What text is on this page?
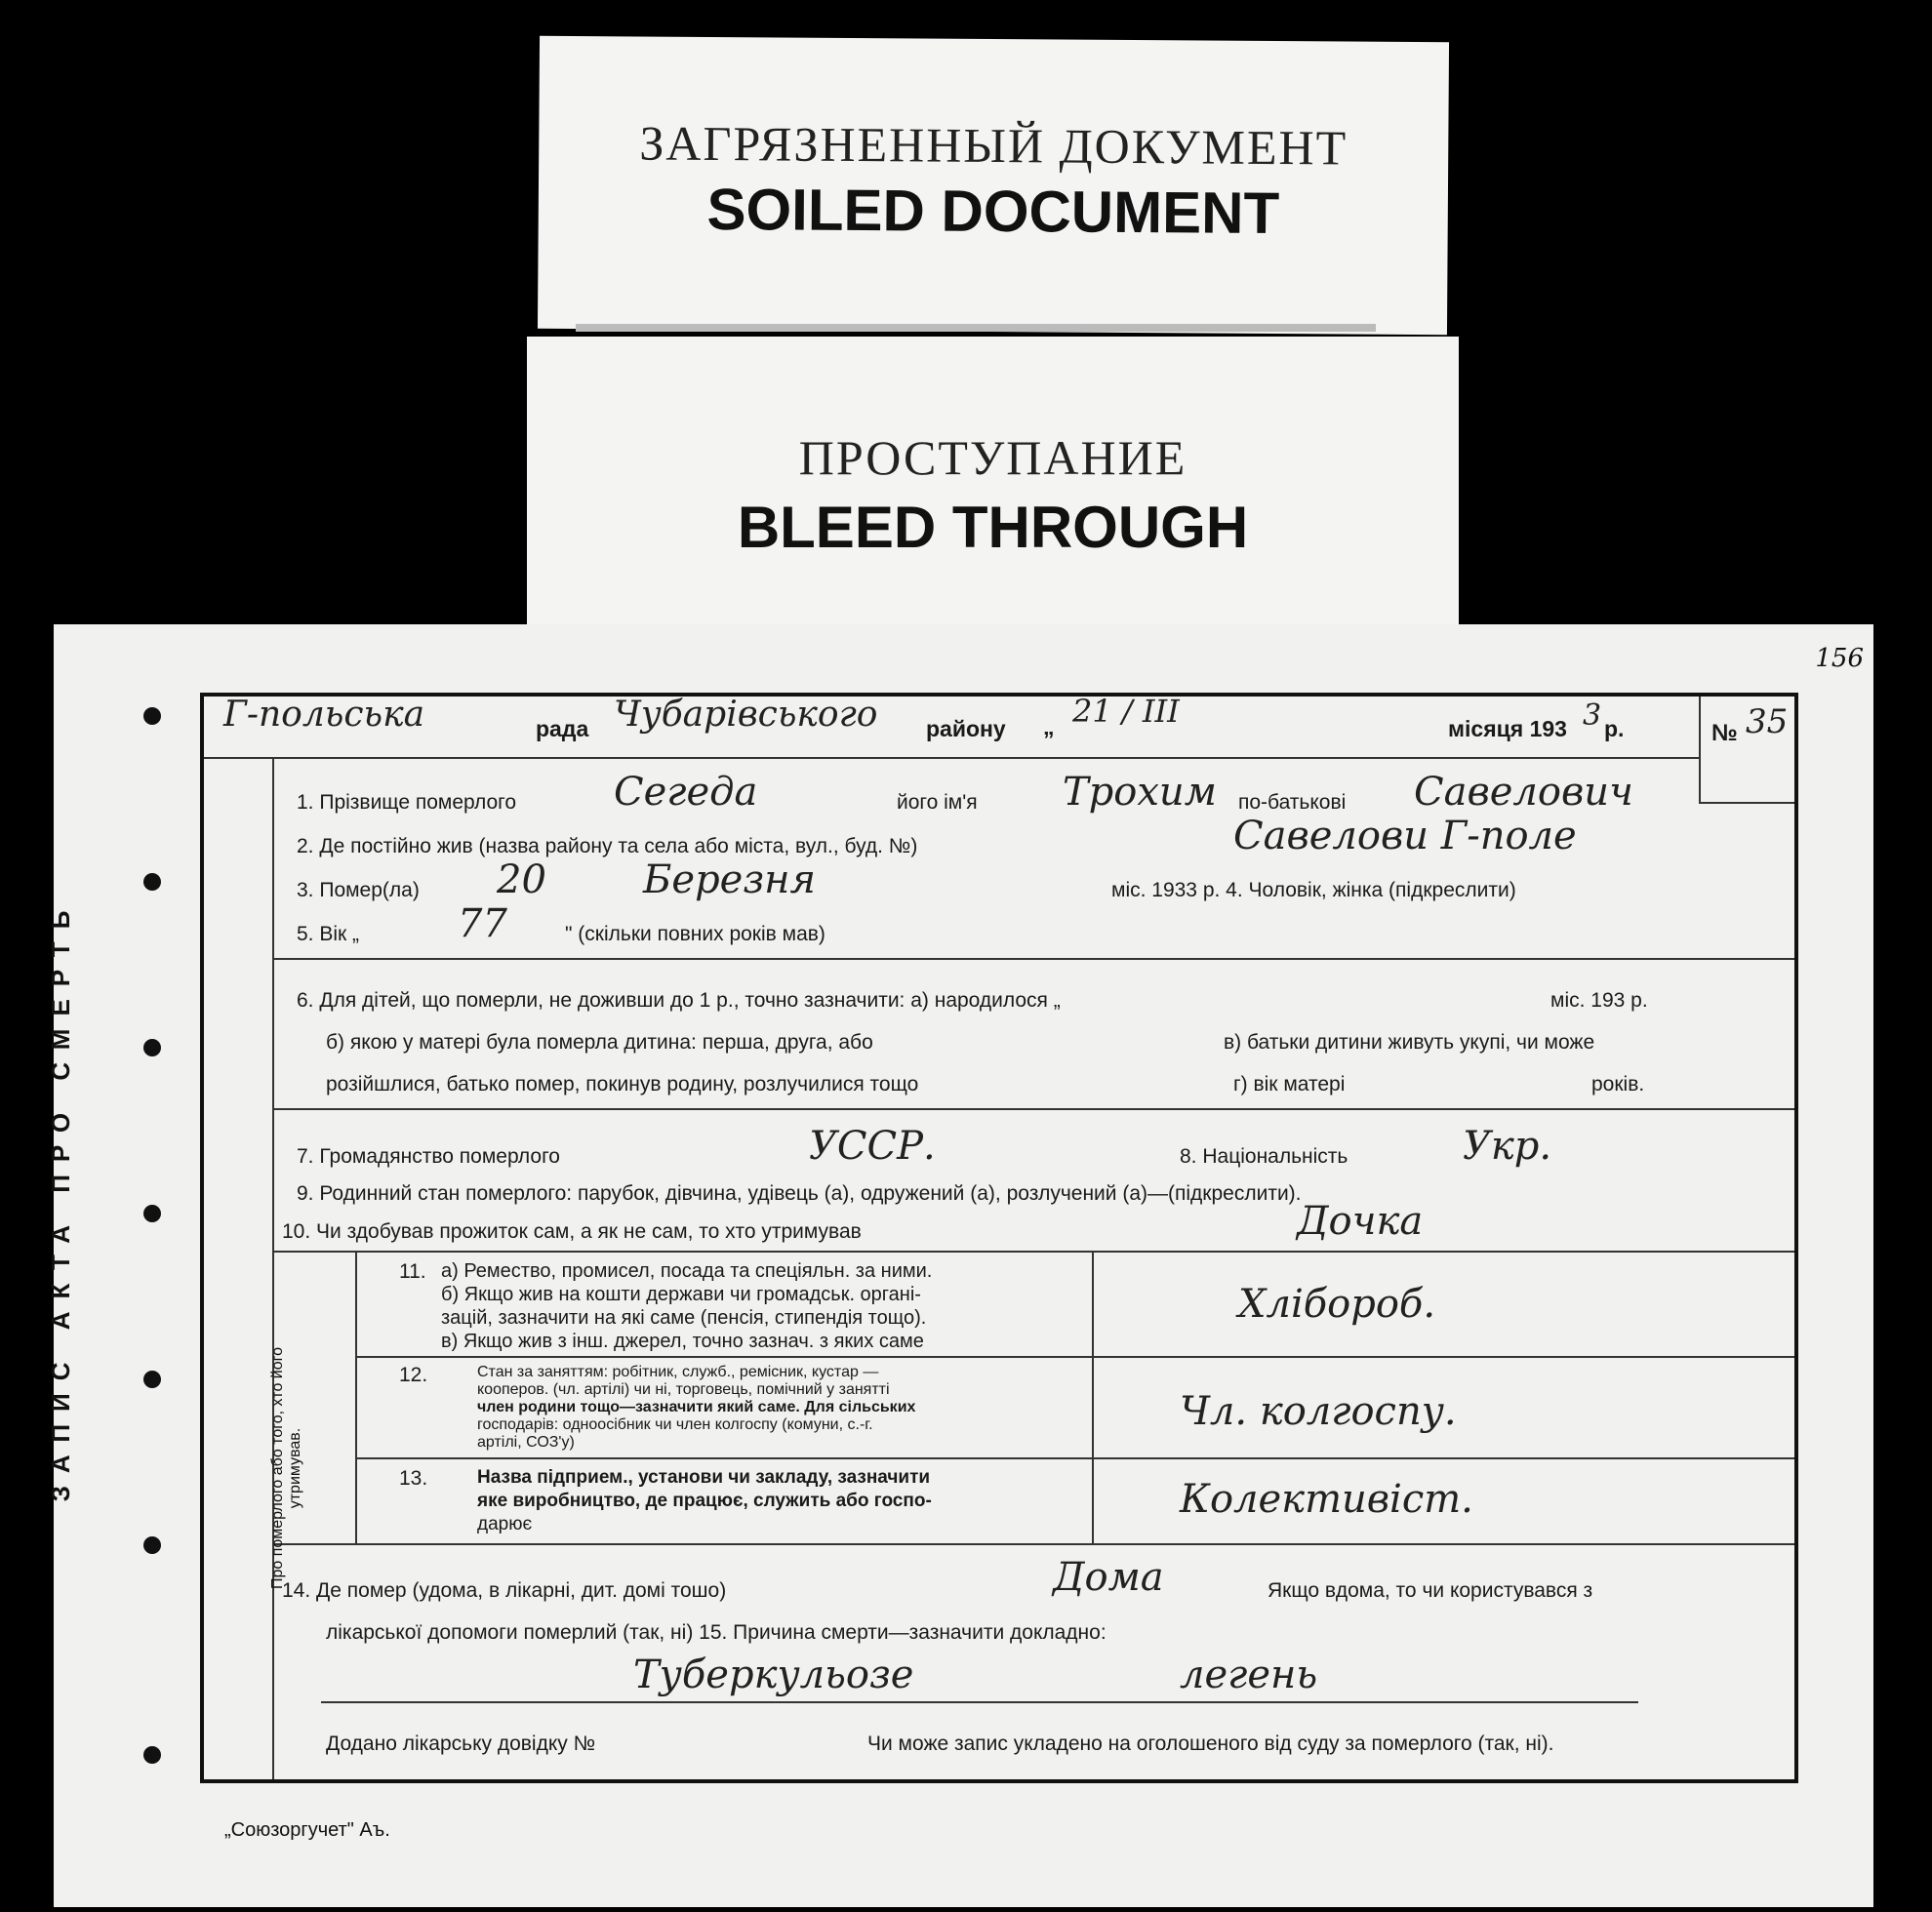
ЗАГРЯЗНЕННЫЙ ДОКУМЕНТ
SOILED DOCUMENT
ПРОСТУПАНИЕ
BLEED THROUGH
156
Г-польська	рада Чубарівського району „ 21 / III	місяця 193 3 р.	№ 35
1. Прізвище померлого Сегеда	його ім'я Трохим по-батькові Савелович
2. Де постійно жив (назва району та села або міста, вул., буд. №)	Савелови Г-поле
3. Помер(ла) 20 Березня	міс. 1933 р. 4. Чоловік, жінка (підкреслити)
5. Вік „	77	" (скільки повних років мав)
6. Для дітей, що померли, не доживши до 1 р., точно зазначити: а) народилося „	міс. 193 р.
б) якою у матері була померла дитина: перша, друга, або	в) батьки дитини живуть укупі, чи може
розійшлися, батько помер, покинув родину, розлучилися тощо	г) вік матері	років.
7. Громадянство померлого	УССР.	8. Національність	Укр.
9. Родинний стан померлого: парубок, дівчина, удівець (а), одружений (а), розлучений (а)—(підкреслити).
10. Чи здобував прожиток сам, а як не сам, то хто утримував	Дочка
11. а) Ремество, промисел, посада та спеціяльн. за ними.
б) Якщо жив на кошти держави чи громадськ. органі-
зацій, зазначити на які саме (пенсія, стипендія тощо).
в) Якщо жив з інш. джерел, точно зазнач. з яких саме
Хлібороб.
12.	Стан за заняттям: робітник, служб., ремісник, кустар —
кооперов. (чл. артілі) чи ні, торговець, помічний у занятті
член родини тощо—зазначити який саме. Для сільських
господарів: одноосібник чи член колгоспу (комуни, с.-г.
артілі, СОЗ'у)
Чл. колгоспу.
13.	Назва підприем., установи чи закладу, зазначити
яке виробництво, де працює, служить або госпо-
дарює
Колективіст.
14. Де помер (удома, в лікарні, дит. домі тошо)	Дома	Якщо вдома, то чи користувався з
лікарської допомоги померлий (так, ні) 15. Причина смерти—зазначити докладно:
Туберкульозе	легень
Додано лікарську довідку №	Чи може запис укладено на оголошеного від суду за померлого (так, ні).
ЗАПИС АКТА ПРО СМЕРТЬ	Про померлого або того, хто його утримував.
„Союзоргучет" Аъ.
